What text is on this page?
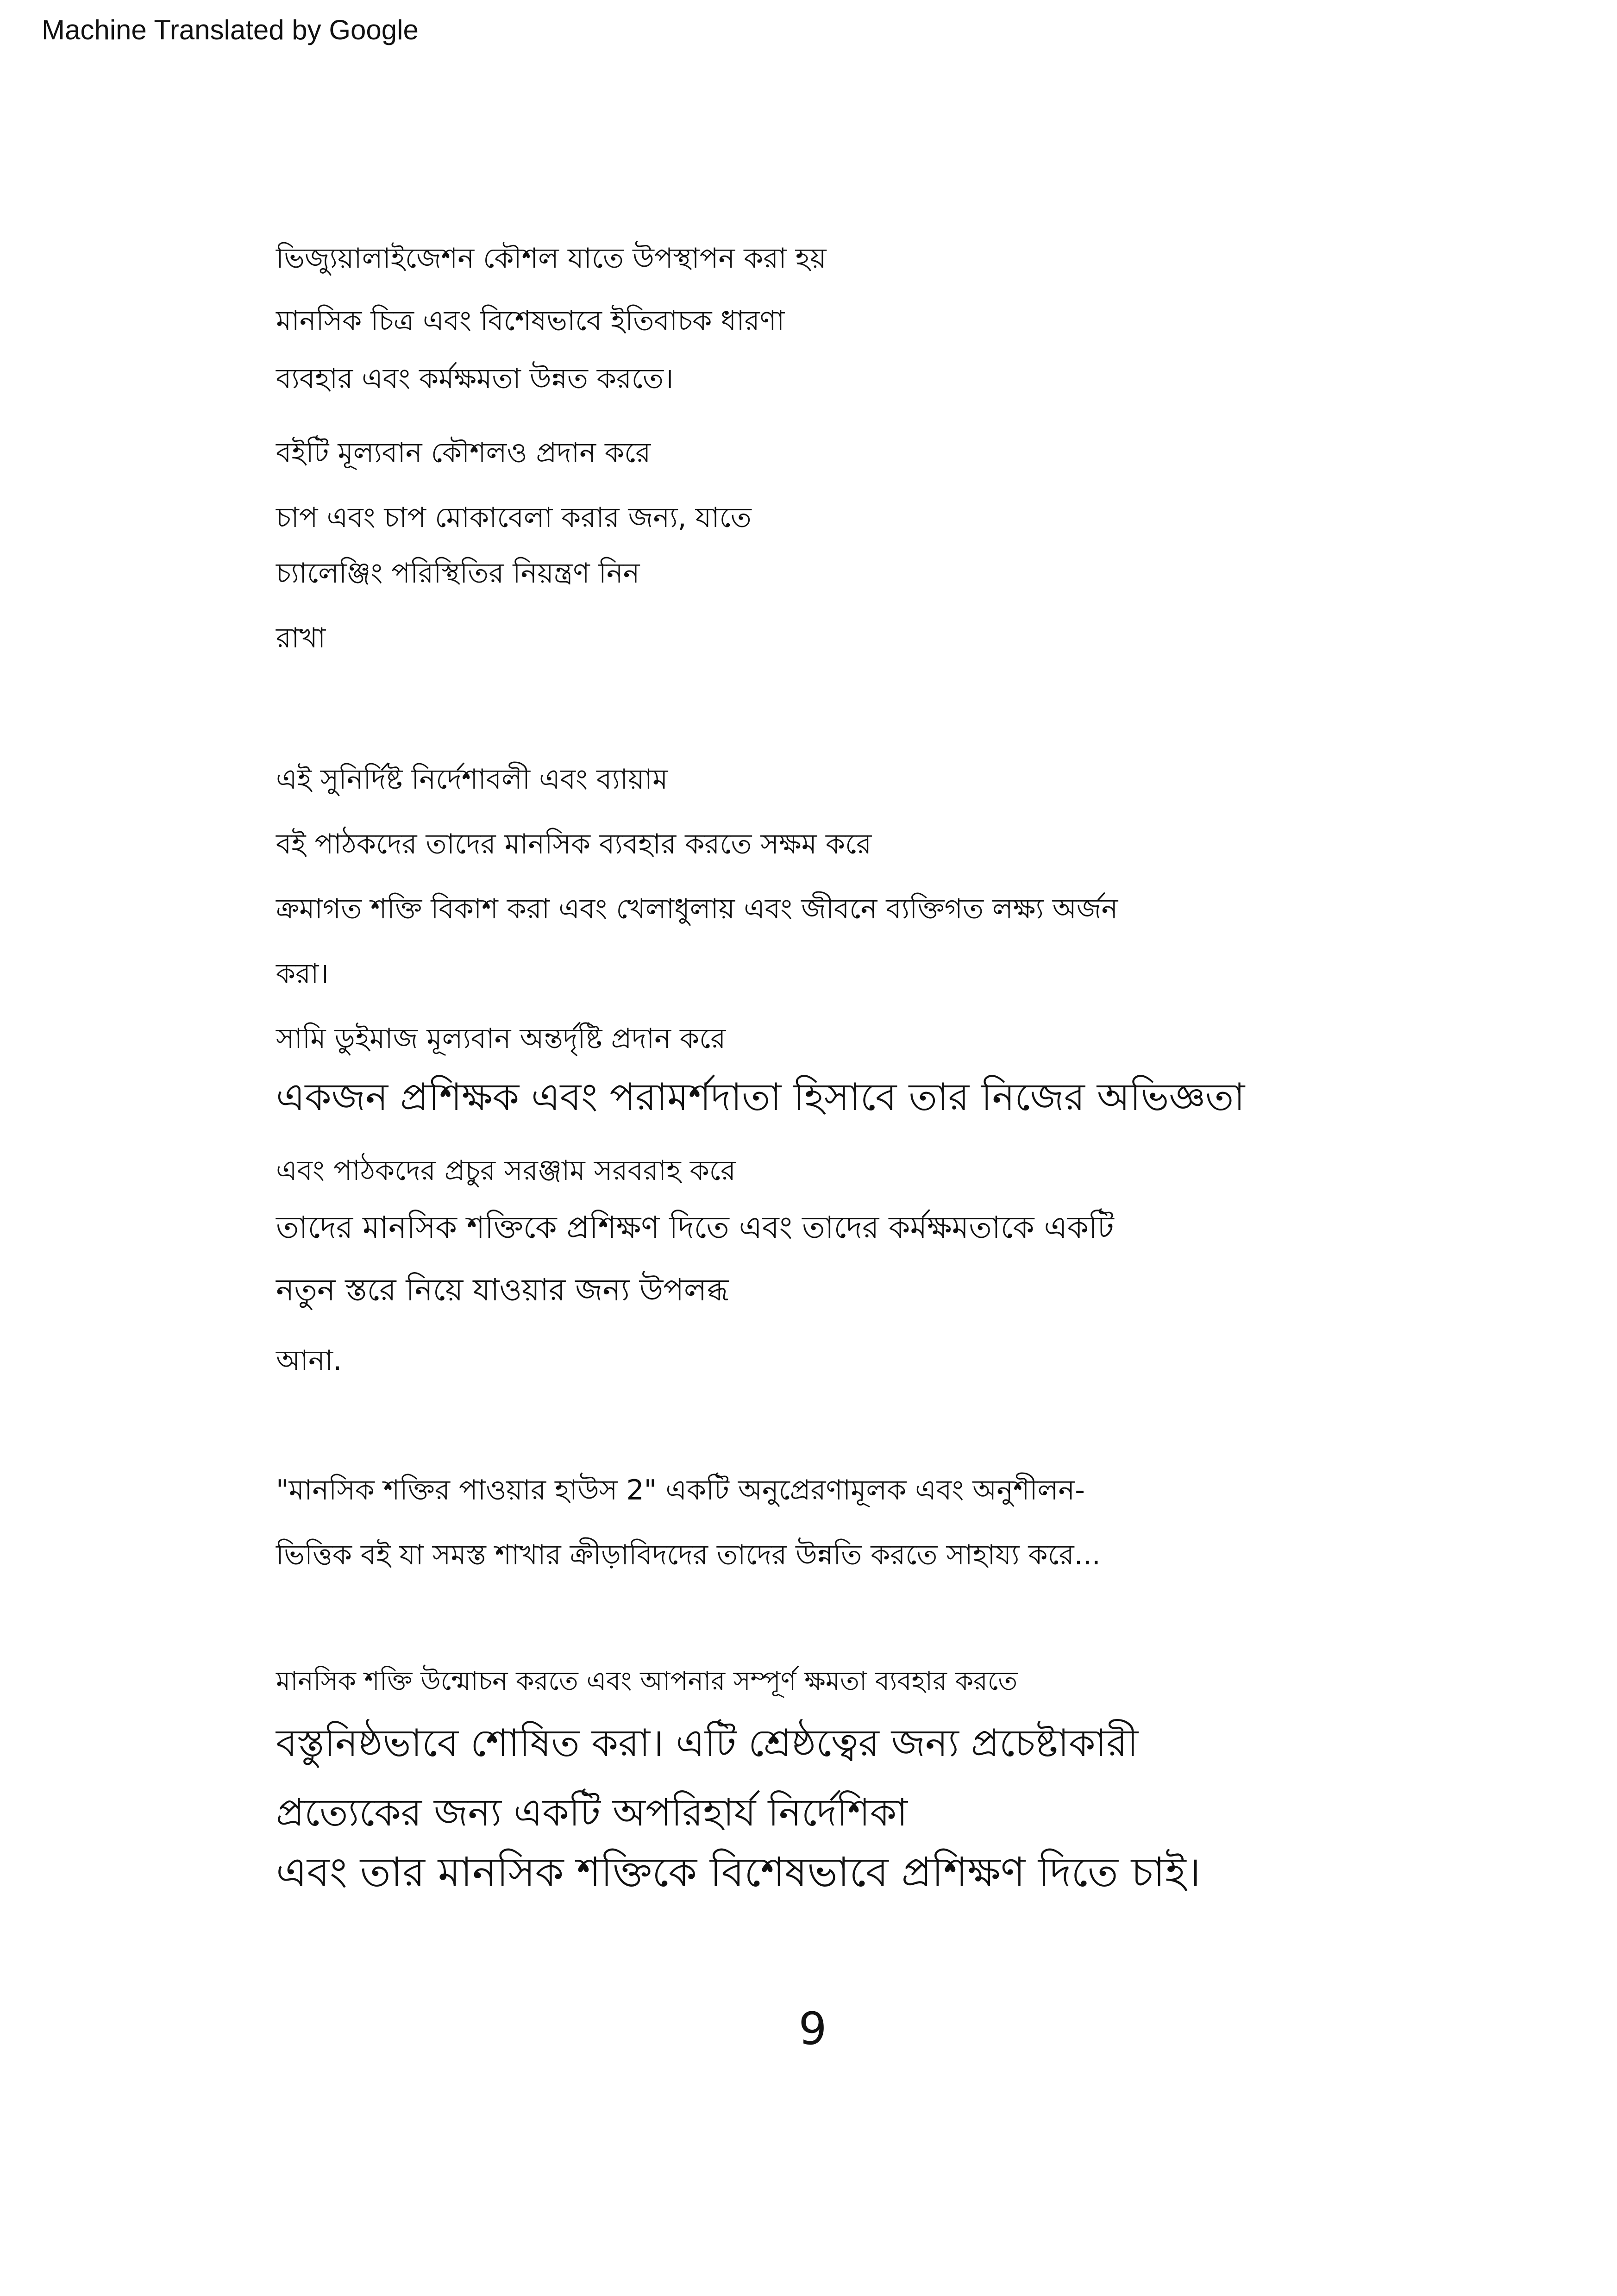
Machine Translated by Google
ভিজ্যুয়ালাইজেশন কৌশল যাতে উপস্থাপন করা হয়
মানসিক চিত্র এবং বিশেষভাবে ইতিবাচক ধারণা
ব্যবহার এবং কর্মক্ষমতা উন্নত করতে।
বইটি মূল্যবান কৌশলও প্রদান করে
চাপ এবং চাপ মোকাবেলা করার জন্য, যাতে
চ্যালেঞ্জিং পরিস্থিতির নিয়ন্ত্রণ নিন
রাখা
এই সুনির্দিষ্ট নির্দেশাবলী এবং ব্যায়াম
বই পাঠকদের তাদের মানসিক ব্যবহার করতে সক্ষম করে
ক্রমাগত শক্তি বিকাশ করা এবং খেলাধুলায় এবং জীবনে ব্যক্তিগত লক্ষ্য অর্জন
করা।
সামি ডুইমাজ মূল্যবান অন্তর্দৃষ্টি প্রদান করে
একজন প্রশিক্ষক এবং পরামর্শদাতা হিসাবে তার নিজের অভিজ্ঞতা
এবং পাঠকদের প্রচুর সরঞ্জাম সরবরাহ করে
তাদের মানসিক শক্তিকে প্রশিক্ষণ দিতে এবং তাদের কর্মক্ষমতাকে একটি
নতুন স্তরে নিয়ে যাওয়ার জন্য উপলব্ধ
আনা.
"মানসিক শক্তির পাওয়ার হাউস 2" একটি অনুপ্রেরণামূলক এবং অনুশীলন-
ভিত্তিক বই যা সমস্ত শাখার ক্রীড়াবিদদের তাদের উন্নতি করতে সাহায্য করে...
মানসিক শক্তি উন্মোচন করতে এবং আপনার সম্পূর্ণ ক্ষমতা ব্যবহার করতে
বস্তুনিষ্ঠভাবে শোষিত করা। এটি শ্রেষ্ঠত্বের জন্য প্রচেষ্টাকারী
প্রত্যেকের জন্য একটি অপরিহার্য নির্দেশিকা
এবং তার মানসিক শক্তিকে বিশেষভাবে প্রশিক্ষণ দিতে চাই।
9
